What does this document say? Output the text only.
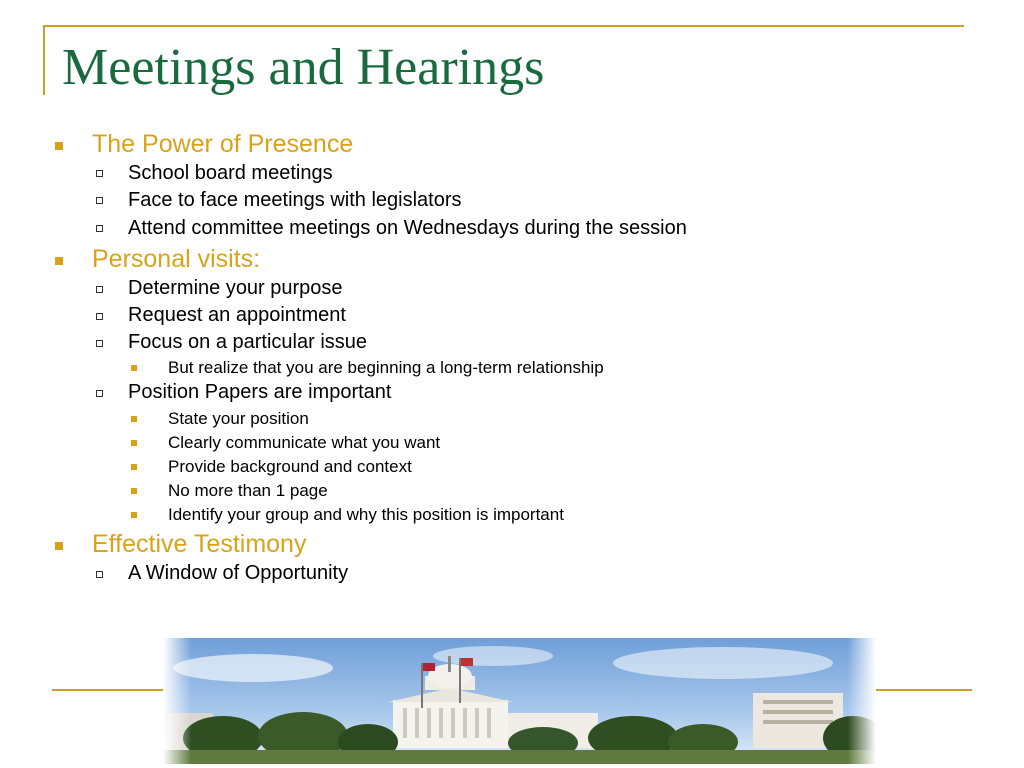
Meetings and Hearings
The Power of Presence
School board meetings
Face to face meetings with legislators
Attend committee meetings on Wednesdays during the session
Personal visits:
Determine your purpose
Request an appointment
Focus on a particular issue
But realize that you are beginning a long-term relationship
Position Papers are important
State your position
Clearly communicate what you want
Provide background and context
No more than 1 page
Identify your group and why this position is important
Effective Testimony
A Window of Opportunity
